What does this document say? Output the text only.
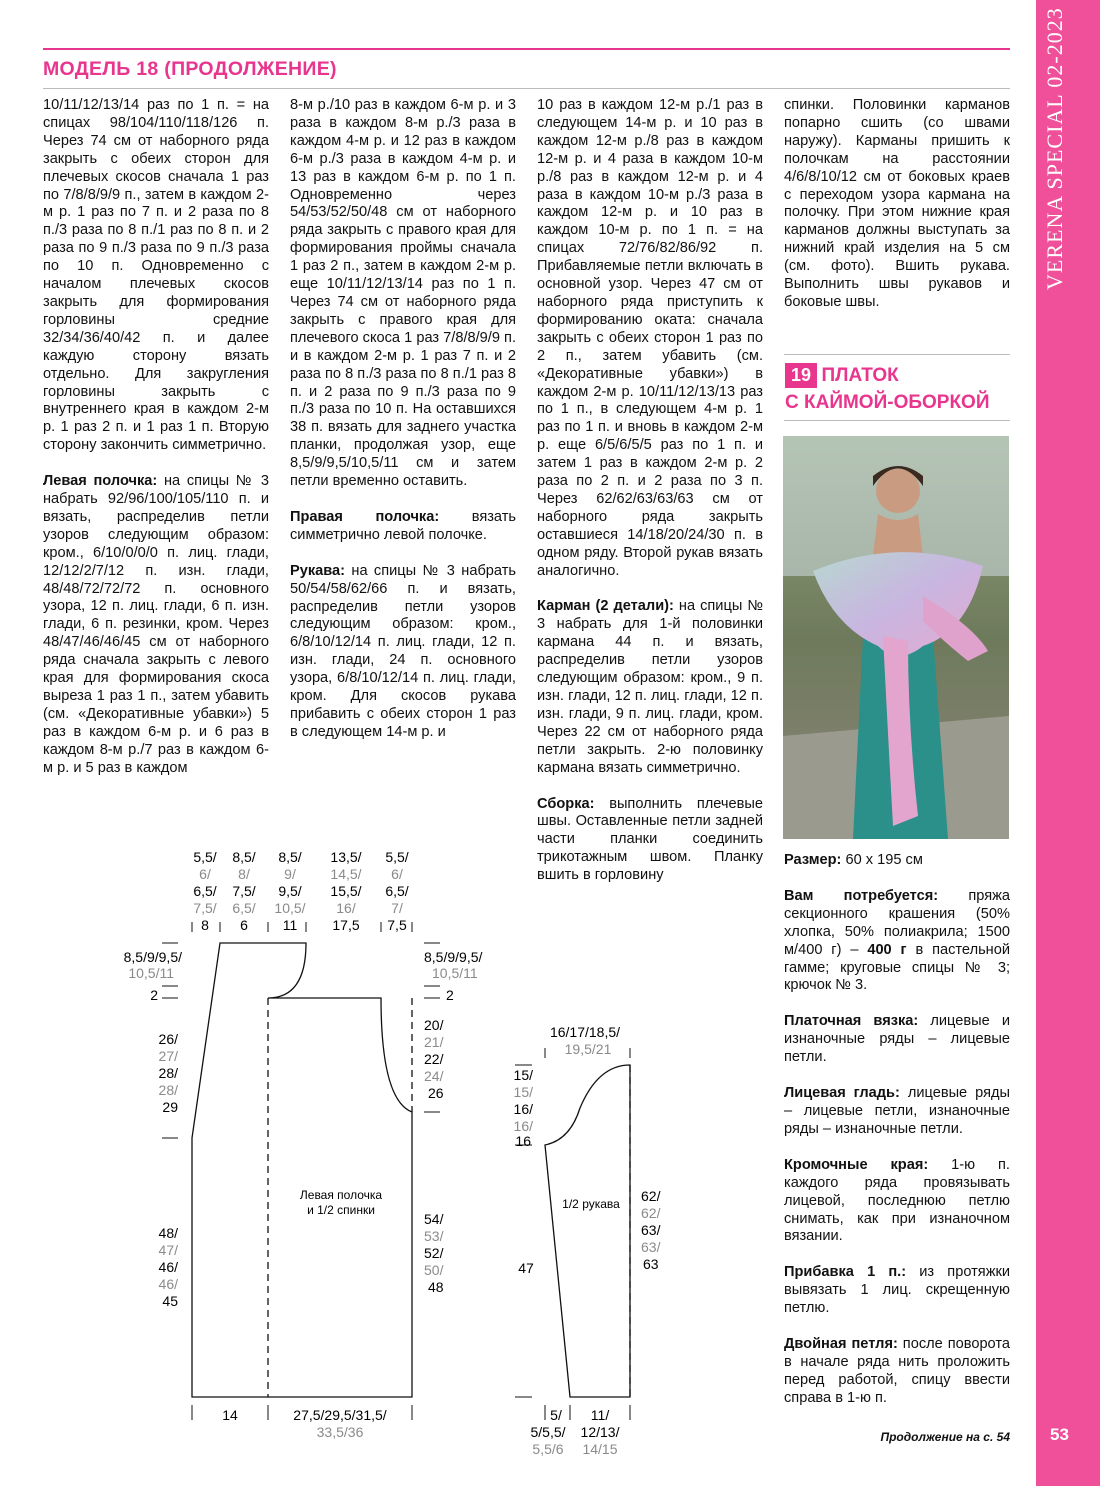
VERENA SPECIAL 02-2023
53
МОДЕЛЬ 18 (ПРОДОЛЖЕНИЕ)

10/11/12/13/14 раз по 1 п. = на спицах 98/104/110/118/126 п. Через 74 см от наборного ряда закрыть с обеих сторон для плечевых скосов сначала 1 раз по 7/8/8/9/9 п., затем в каждом 2-м р. 1 раз по 7 п. и 2 раза по 8 п./3 раза по 8 п./1 раз по 8 п. и 2 раза по 9 п./3 раза по 9 п./3 раза по 10 п. Одновременно с началом плечевых скосов закрыть для формирования горловины средние 32/34/36/40/42 п. и далее каждую сторону вязать отдельно. Для закругления горловины закрыть с внутреннего края в каждом 2-м р. 1 раз 2 п. и 1 раз 1 п. Вторую сторону закончить симметрично.

Левая полочка: на спицы № 3 набрать 92/96/100/105/110 п. и вязать, распределив петли узоров следующим образом: кром., 6/10/0/0/0 п. лиц. глади, 12/12/2/7/12 п. изн. глади, 48/48/72/72/72 п. основного узора, 12 п. лиц. глади, 6 п. изн. глади, 6 п. резинки, кром. Через 48/47/46/46/45 см от наборного ряда сначала закрыть с левого края для формирования скоса выреза 1 раз 1 п., затем убавить (см. «Декоративные убавки») 5 раз в каждом 6-м р. и 6 раз в каждом 8-м р./7 раз в каждом 6-м р. и 5 раз в каждом

8-м р./10 раз в каждом 6-м р. и 3 раза в каждом 8-м р./3 раза в каждом 4-м р. и 12 раз в каждом 6-м р./3 раза в каждом 4-м р. и 13 раз в каждом 6-м р. по 1 п. Одновременно через 54/53/52/50/48 см от наборного ряда закрыть с правого края для формирования проймы сначала 1 раз 2 п., затем в каждом 2-м р. еще 10/11/12/13/14 раз по 1 п. Через 74 см от наборного ряда закрыть с правого края для плечевого скоса 1 раз 7/8/8/9/9 п. и в каждом 2-м р. 1 раз 7 п. и 2 раза по 8 п./3 раза по 8 п./1 раз 8 п. и 2 раза по 9 п./3 раза по 9 п./3 раза по 10 п. На оставшихся 38 п. вязать для заднего участка планки, продолжая узор, еще 8,5/9/9,5/10,5/11 см и затем петли временно оставить.

Правая полочка: вязать симметрично левой полочке.

Рукава: на спицы № 3 набрать 50/54/58/62/66 п. и вязать, распределив петли узоров следующим образом: кром., 6/8/10/12/14 п. лиц. глади, 12 п. изн. глади, 24 п. основного узора, 6/8/10/12/14 п. лиц. глади, кром. Для скосов рукава прибавить с обеих сторон 1 раз в следующем 14-м р. и

10 раз в каждом 12-м р./1 раз в следующем 14-м р. и 10 раз в каждом 12-м р./8 раз в каждом 12-м р. и 4 раза в каждом 10-м р./8 раз в каждом 12-м р. и 4 раза в каждом 10-м р./3 раза в каждом 12-м р. и 10 раз в каждом 10-м р. по 1 п. = на спицах 72/76/82/86/92 п. Прибавляемые петли включать в основной узор. Через 47 см от наборного ряда приступить к формированию оката: сначала закрыть с обеих сторон 1 раз по 2 п., затем убавить (см. «Декоративные убавки») в каждом 2-м р. 10/11/12/13/13 раз по 1 п., в следующем 4-м р. 1 раз по 1 п. и вновь в каждом 2-м р. еще 6/5/6/5/5 раз по 1 п. и затем 1 раз в каждом 2-м р. 2 раза по 2 п. и 2 раза по 3 п. Через 62/62/63/63/63 см от наборного ряда закрыть оставшиеся 14/18/20/24/30 п. в одном ряду. Второй рукав вязать аналогично.

Карман (2 детали): на спицы № 3 набрать для 1-й половинки кармана 44 п. и вязать, распределив петли узоров следующим образом: кром., 9 п. изн. глади, 12 п. лиц. глади, 12 п. изн. глади, 9 п. лиц. глади, кром. Через 22 см от наборного ряда петли закрыть. 2-ю половинку кармана вязать симметрично.

Сборка: выполнить плечевые швы. Оставленные петли задней части планки соединить трикотажным швом. Планку вшить в горловину

спинки. Половинки карманов попарно сшить (со швами наружу). Карманы пришить к полочкам на расстоянии 4/6/8/10/12 см от боковых краев с переходом узора кармана на полочку. При этом нижние края карманов должны выступать за нижний край изделия на 5 см (см. фото). Вшить рукава. Выполнить швы рукавов и боковые швы.

19 ПЛАТОК
С КАЙМОЙ-ОБОРКОЙ

Размер: 60 х 195 см

Вам потребуется: пряжа секционного крашения (50% хлопка, 50% полиакрила; 1500 м/400 г) – 400 г в пастельной гамме; круговые спицы № 3; крючок № 3.

Платочная вязка: лицевые и изнаночные ряды – лицевые петли.

Лицевая гладь: лицевые ряды – лицевые петли, изнаночные ряды – изнаночные петли.

Кромочные края: 1-ю п. каждого ряда провязывать лицевой, последнюю петлю снимать, как при изнаночном вязании.

Прибавка 1 п.: из протяжки вывязать 1 лиц. скрещенную петлю.

Двойная петля: после поворота в начале ряда нить проложить перед работой, спицу ввести справа в 1-ю п.

Продолжение на с. 54
5,5/
6/
6,5/
7,5/
8
8,5/
8/
7,5/
6,5/
6
8,5/
9/
9,5/
10,5/
11
13,5/
14,5/
15,5/
16/
17,5
5,5/
6/
6,5/
7/
7,5
8,5/9/9,5/
10,5/11
2
26/
27/
28/
28/
29
48/
47/
46/
46/
45
8,5/9/9,5/
10,5/11
2
20/
21/
22/
24/
26
54/
53/
52/
50/
48
Левая полочка
и 1/2 спинки
14	27,5/29,5/31,5/
33,5/36
16/17/18,5/
19,5/21
1/2 рукава
47
5/
5/5,5/
5,5/6
11/
12/13/
14/15
15/
15/
16/
16/
16
62/
62/
63/
63/
63
